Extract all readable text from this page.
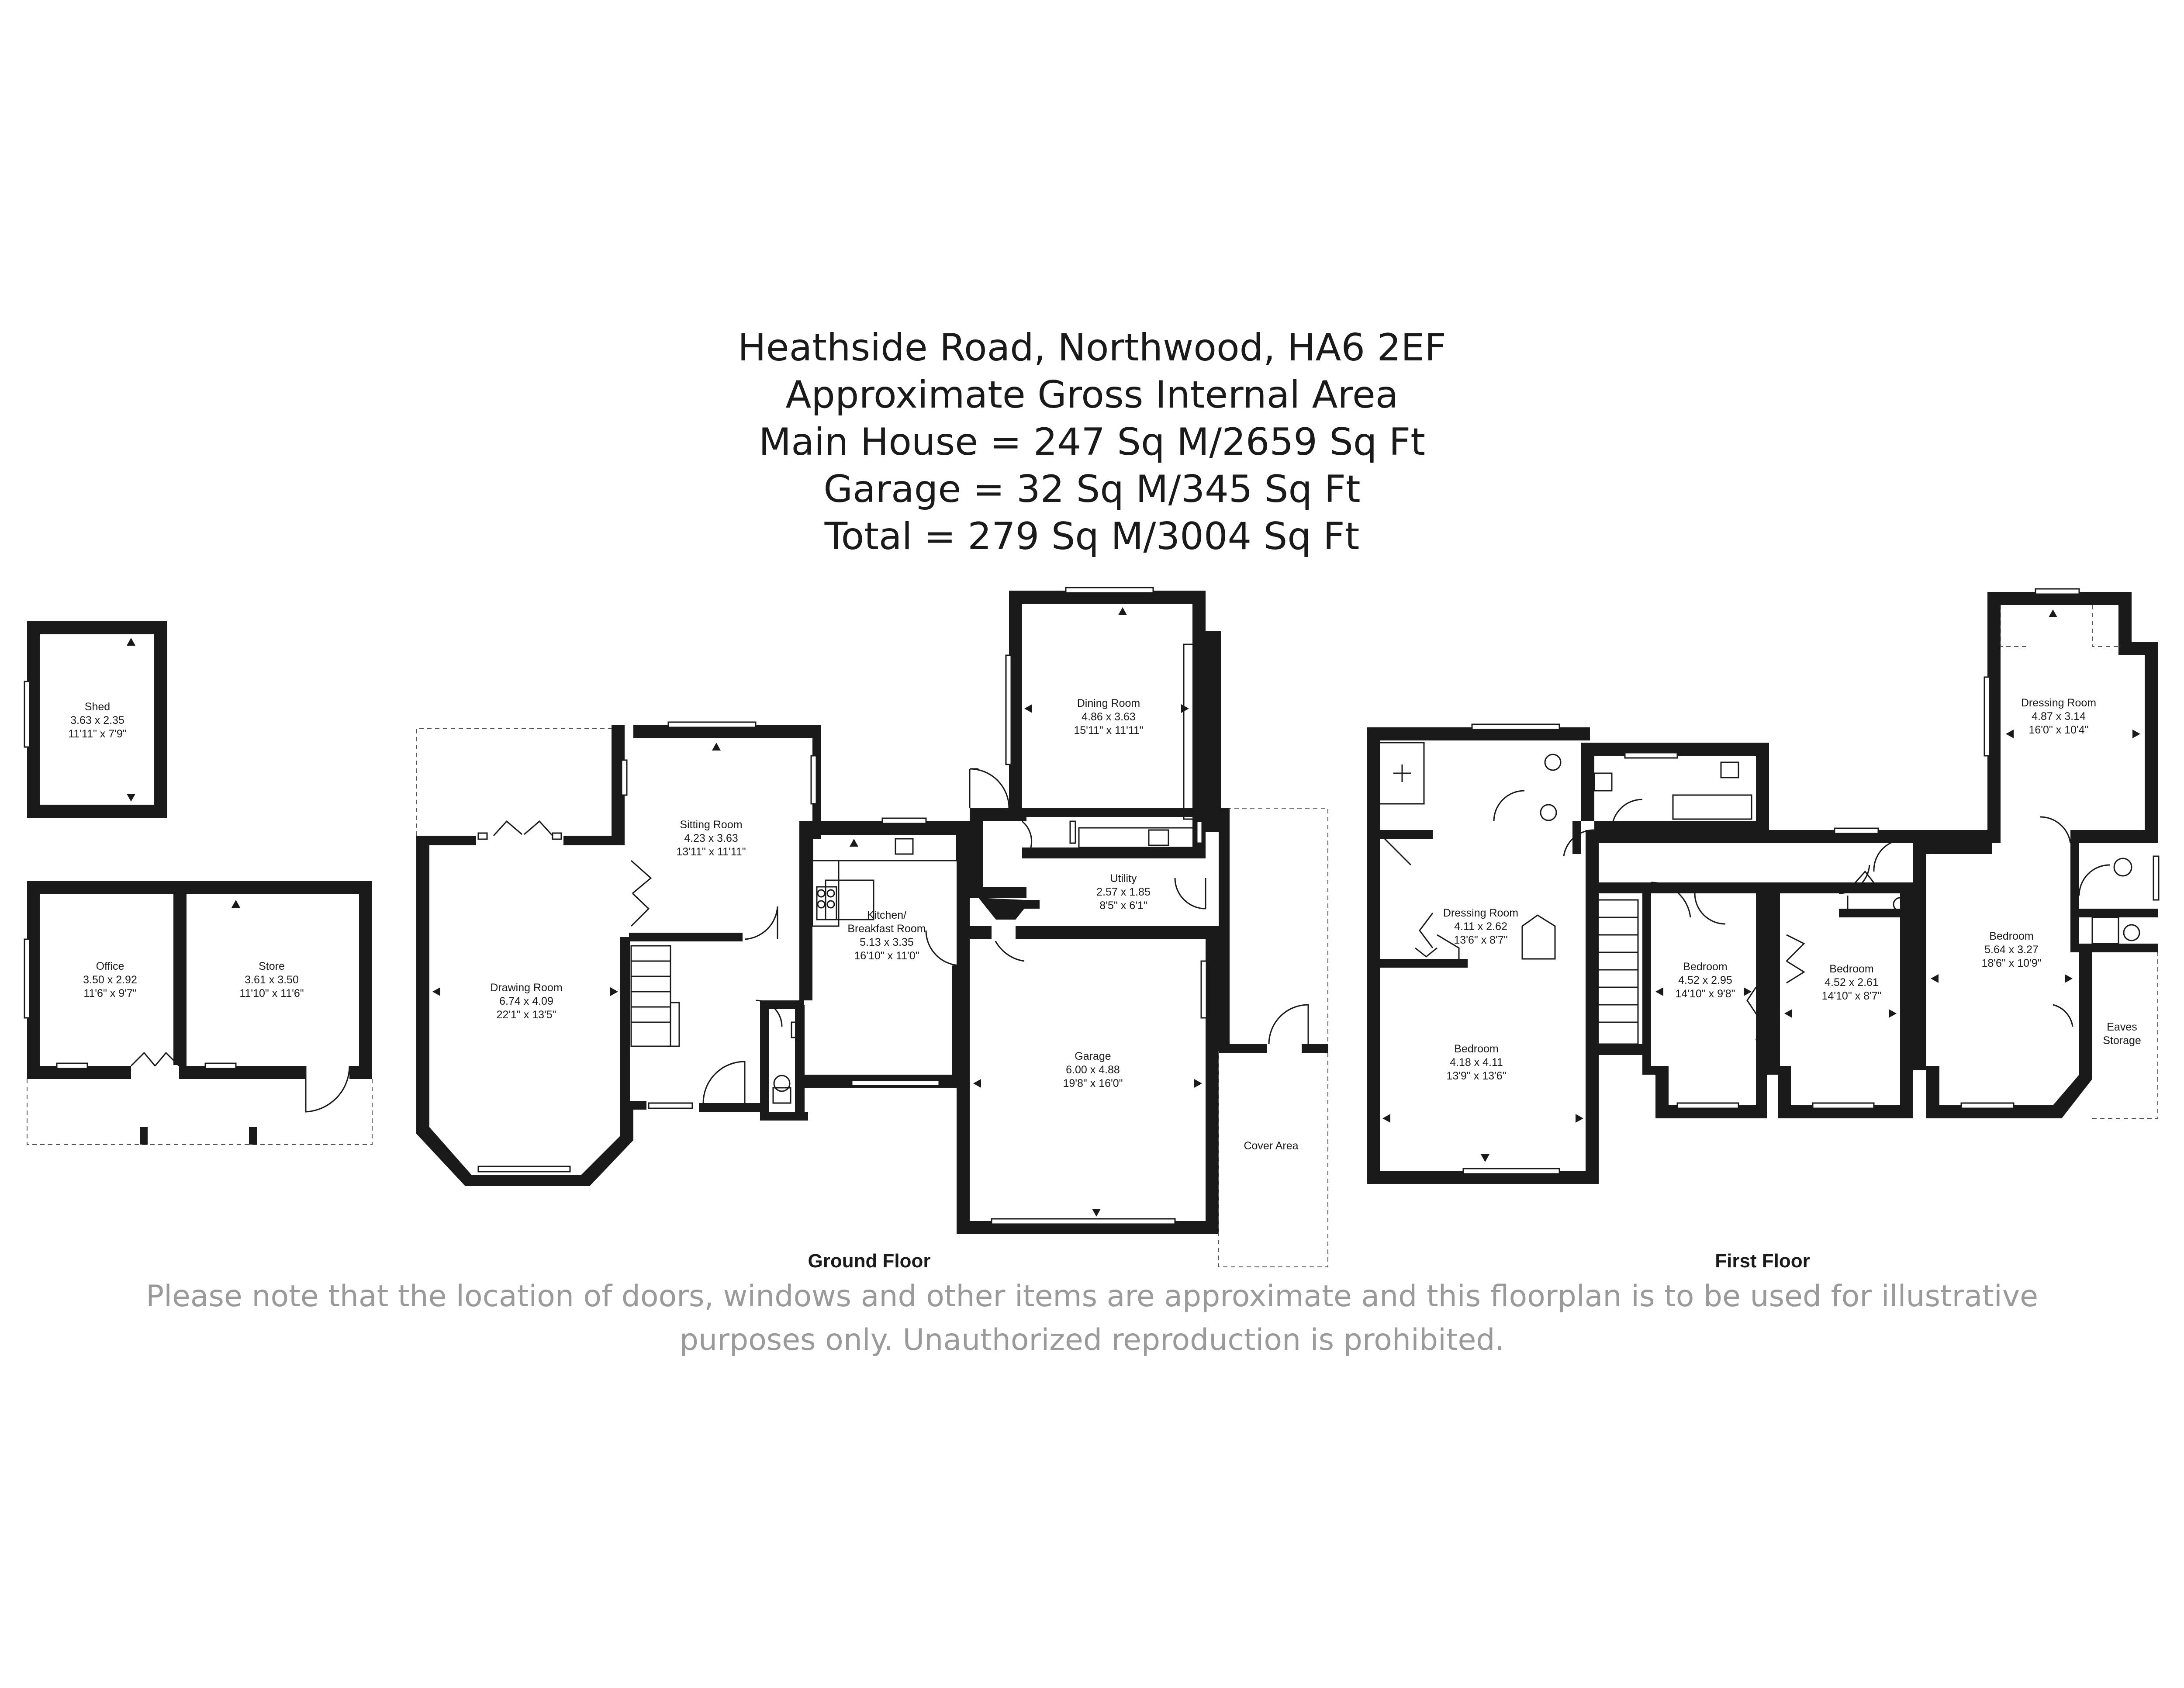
Heathside Road, Northwood, HA6 2EF
Approximate Gross Internal Area
Main House = 247 Sq M/2659 Sq Ft
Garage = 32 Sq M/345 Sq Ft
Total = 279 Sq M/3004 Sq Ft
Shed
3.63 x 2.35
11'11" x 7'9"
Office
3.50 x 2.92
11'6" x 9'7"
Store
3.61 x 3.50
11'10" x 11'6"	Drawing Room
6.74 x 4.09
22'1" x 13'5"
Sitting Room
4.23 x 3.63
13'11" x 11'11"
Kitchen/
Breakfast Room
5.13 x 3.35
16'10" x 11'0"
Dining Room
4.86 x 3.63
15'11" x 11'11"
Utility
2.57 x 1.85
8'5" x 6'1"
Garage
6.00 x 4.88
19'8" x 16'0"
Cover Area
Dressing Room
4.11 x 2.62
13'6" x 8'7"
Bedroom
4.18 x 4.11
13'9" x 13'6"
Bedroom
4.52 x 2.95
14'10" x 9'8"
Bedroom
4.52 x 2.61
14'10" x 8'7"
Bedroom
5.64 x 3.27
18'6" x 10'9"
Dressing Room
4.87 x 3.14
16'0" x 10'4"
Eaves
Storage
Ground Floor	First Floor
Please note that the location of doors, windows and other items are approximate and this floorplan is to be used for illustrative
purposes only. Unauthorized reproduction is prohibited.
